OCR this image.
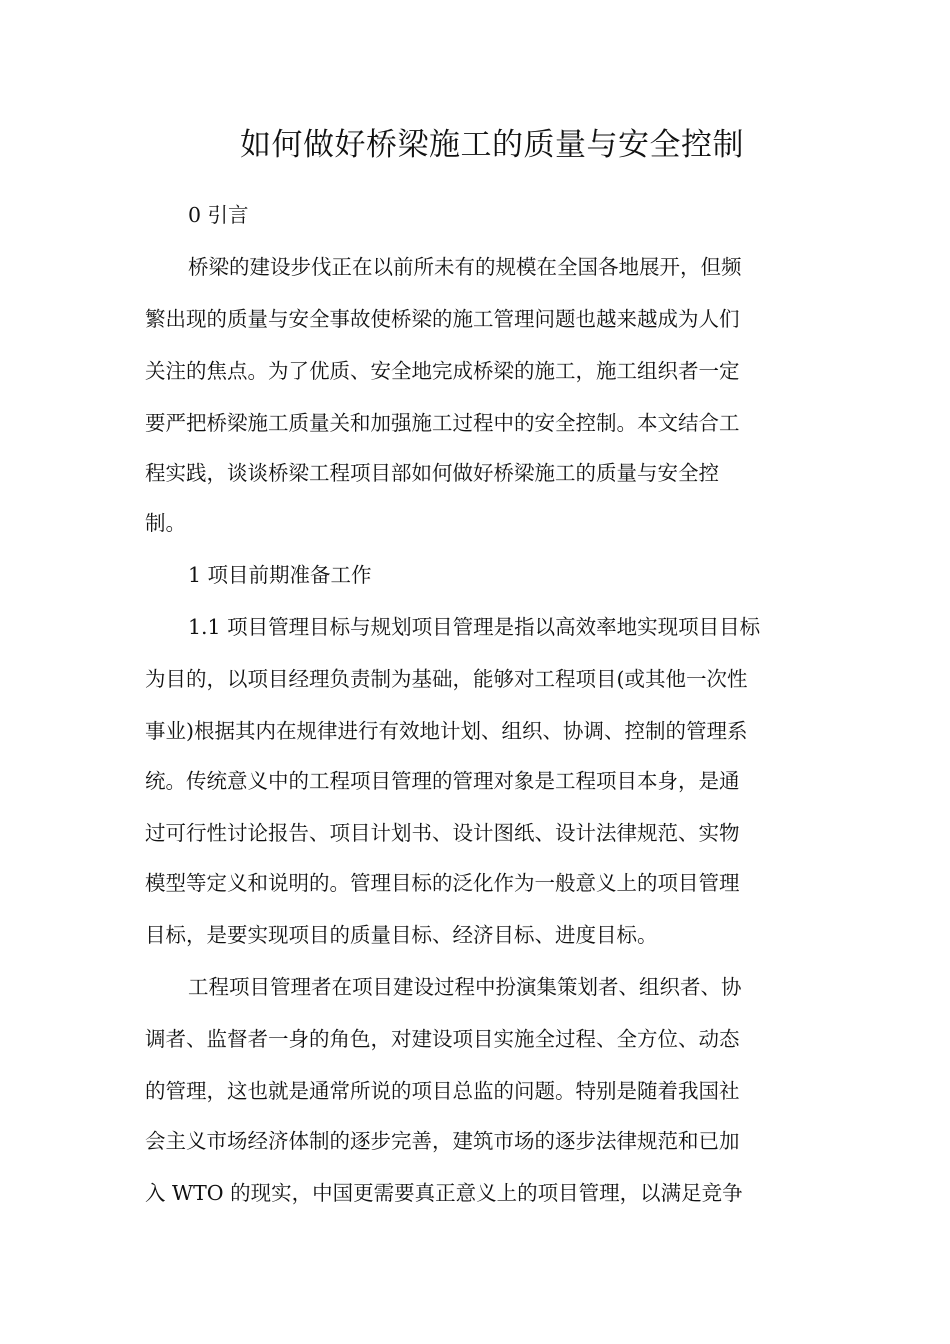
如何做好桥梁施工的质量与安全控制
0 引言
桥梁的建设步伐正在以前所未有的规模在全国各地展开，但频
繁出现的质量与安全事故使桥梁的施工管理问题也越来越成为人们
关注的焦点。为了优质、安全地完成桥梁的施工，施工组织者一定
要严把桥梁施工质量关和加强施工过程中的安全控制。本文结合工
程实践，谈谈桥梁工程项目部如何做好桥梁施工的质量与安全控
制。
1 项目前期准备工作
1.1 项目管理目标与规划项目管理是指以高效率地实现项目目标
为目的，以项目经理负责制为基础，能够对工程项目(或其他一次性
事业)根据其内在规律进行有效地计划、组织、协调、控制的管理系
统。传统意义中的工程项目管理的管理对象是工程项目本身，是通
过可行性讨论报告、项目计划书、设计图纸、设计法律规范、实物
模型等定义和说明的。管理目标的泛化作为一般意义上的项目管理
目标，是要实现项目的质量目标、经济目标、进度目标。
工程项目管理者在项目建设过程中扮演集策划者、组织者、协
调者、监督者一身的角色，对建设项目实施全过程、全方位、动态
的管理，这也就是通常所说的项目总监的问题。特别是随着我国社
会主义市场经济体制的逐步完善，建筑市场的逐步法律规范和已加
入 WTO 的现实，中国更需要真正意义上的项目管理，以满足竞争
